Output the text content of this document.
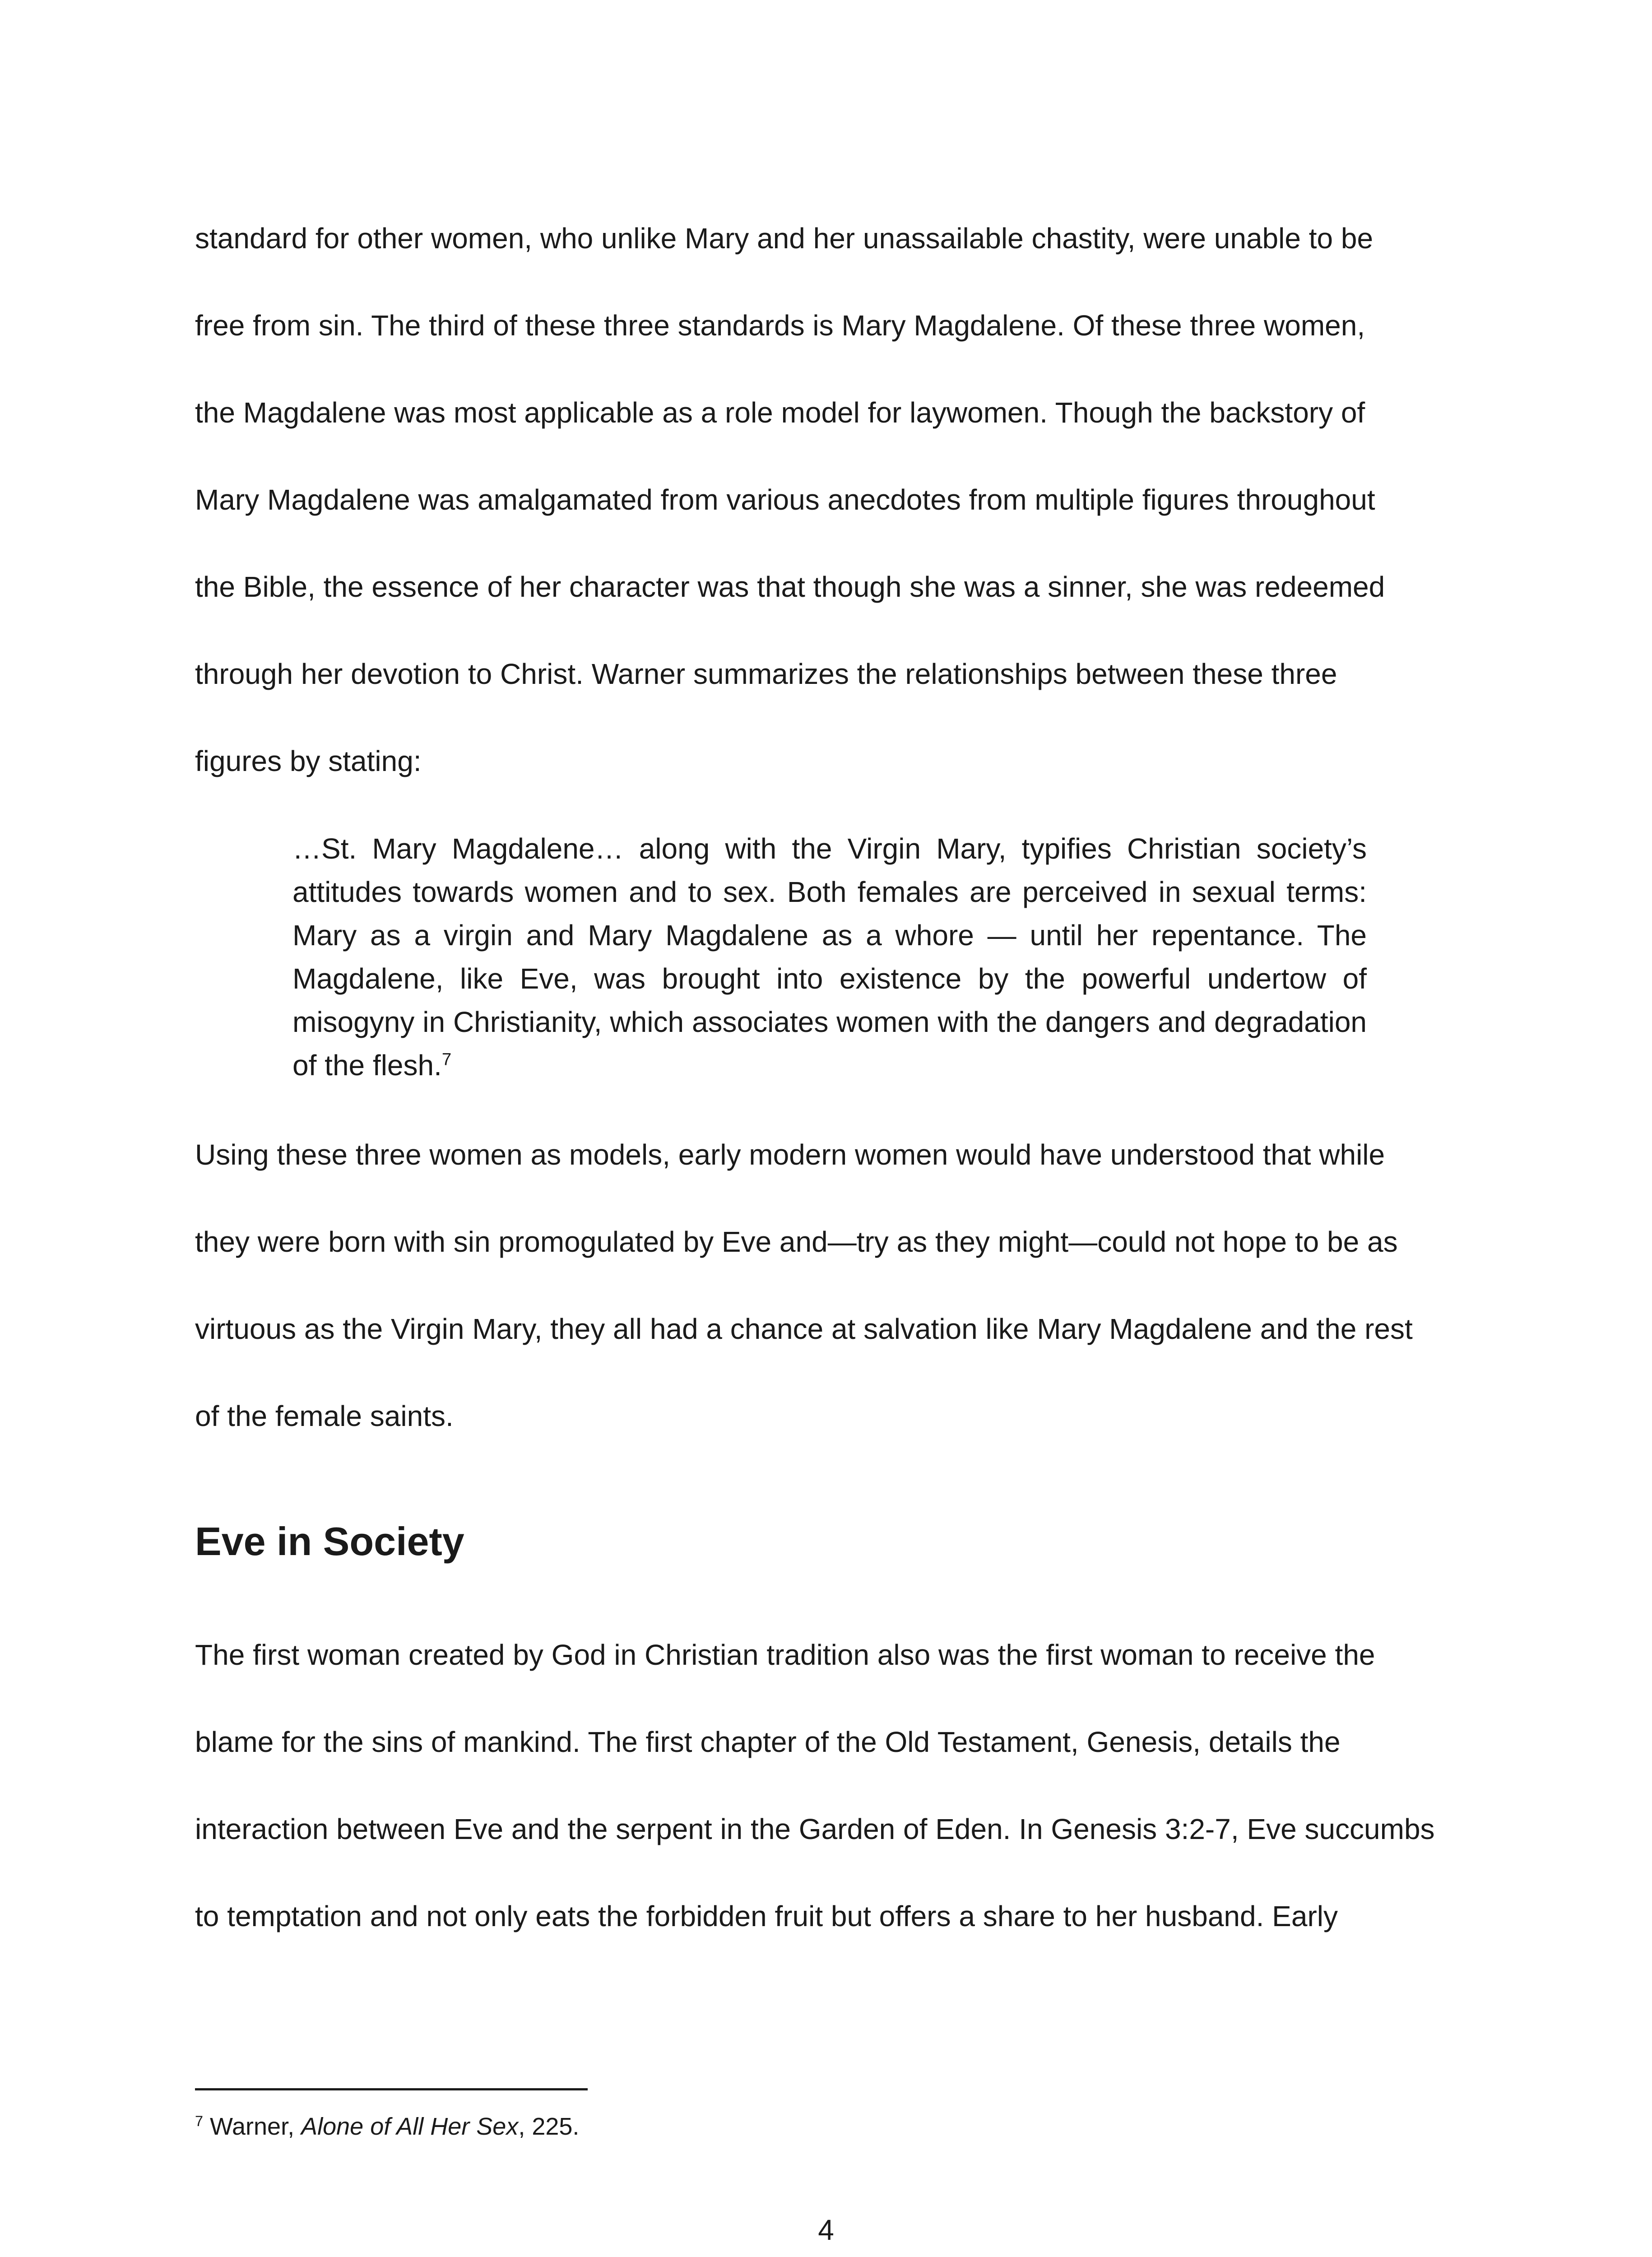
standard for other women, who unlike Mary and her unassailable chastity, were unable to be

free from sin. The third of these three standards is Mary Magdalene. Of these three women,

the Magdalene was most applicable as a role model for laywomen. Though the backstory of

Mary Magdalene was amalgamated from various anecdotes from multiple figures throughout

the Bible, the essence of her character was that though she was a sinner, she was redeemed

through her devotion to Christ. Warner summarizes the relationships between these three

figures by stating:

…St. Mary Magdalene… along with the Virgin Mary, typifies Christian society’s attitudes towards women and to sex. Both females are perceived in sexual terms: Mary as a virgin and Mary Magdalene as a whore — until her repentance. The Magdalene, like Eve, was brought into existence by the powerful undertow of misogyny in Christianity, which associates women with the dangers and degradation of the flesh.$^7$

Using these three women as models, early modern women would have understood that while

they were born with sin promogulated by Eve and—try as they might—could not hope to be as

virtuous as the Virgin Mary, they all had a chance at salvation like Mary Magdalene and the rest

of the female saints.

Eve in Society

The first woman created by God in Christian tradition also was the first woman to receive the

blame for the sins of mankind. The first chapter of the Old Testament, Genesis, details the

interaction between Eve and the serpent in the Garden of Eden. In Genesis 3:2-7, Eve succumbs

to temptation and not only eats the forbidden fruit but offers a share to her husband. Early

$^7$ Warner, Alone of All Her Sex, 225.

4
